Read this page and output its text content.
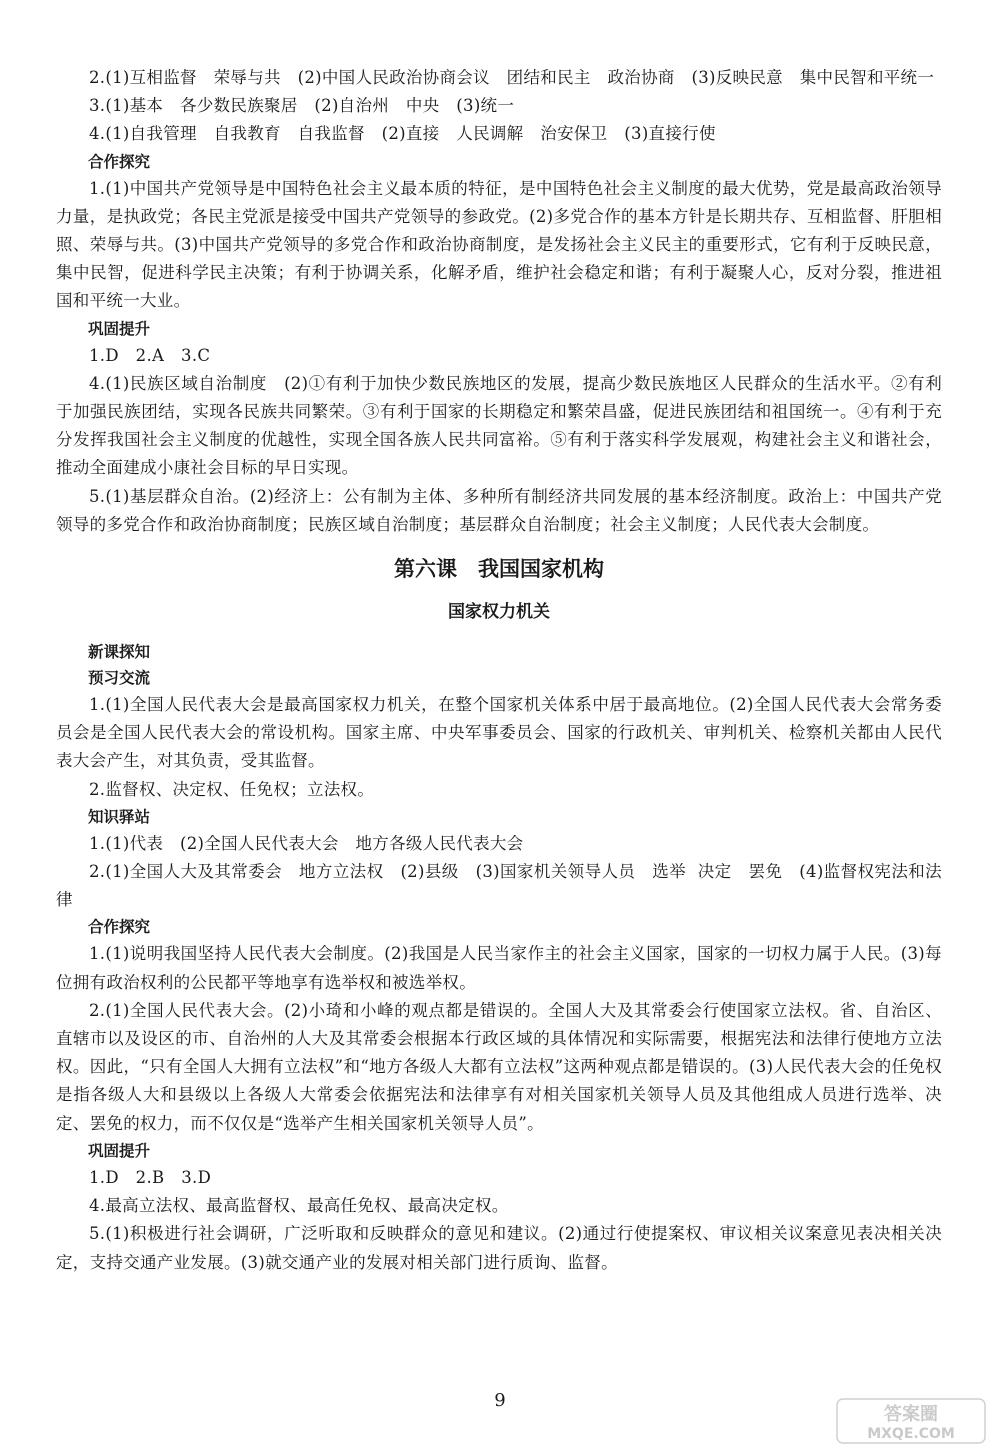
2.(1)互相监督　荣辱与共　(2)中国人民政治协商会议　团结和民主　政治协商　(3)反映民意　集中民智和平统一

3.(1)基本　各少数民族聚居　(2)自治州　中央　(3)统一

4.(1)自我管理　自我教育　自我监督　(2)直接　人民调解　治安保卫　(3)直接行使

合作探究

1.(1)中国共产党领导是中国特色社会主义最本质的特征，是中国特色社会主义制度的最大优势，党是最高政治领导力量，是执政党；各民主党派是接受中国共产党领导的参政党。(2)多党合作的基本方针是长期共存、互相监督、肝胆相照、荣辱与共。(3)中国共产党领导的多党合作和政治协商制度，是发扬社会主义民主的重要形式，它有利于反映民意，集中民智，促进科学民主决策；有利于协调关系，化解矛盾，维护社会稳定和谐；有利于凝聚人心，反对分裂，推进祖国和平统一大业。

巩固提升

1.D　2.A　3.C

4.(1)民族区域自治制度　(2)①有利于加快少数民族地区的发展，提高少数民族地区人民群众的生活水平。②有利于加强民族团结，实现各民族共同繁荣。③有利于国家的长期稳定和繁荣昌盛，促进民族团结和祖国统一。④有利于充分发挥我国社会主义制度的优越性，实现全国各族人民共同富裕。⑤有利于落实科学发展观，构建社会主义和谐社会，推动全面建成小康社会目标的早日实现。

5.(1)基层群众自治。(2)经济上：公有制为主体、多种所有制经济共同发展的基本经济制度。政治上：中国共产党领导的多党合作和政治协商制度；民族区域自治制度；基层群众自治制度；社会主义制度；人民代表大会制度。

第六课　我国国家机构
国家权力机关

新课探知

预习交流

1.(1)全国人民代表大会是最高国家权力机关，在整个国家机关体系中居于最高地位。(2)全国人民代表大会常务委员会是全国人民代表大会的常设机构。国家主席、中央军事委员会、国家的行政机关、审判机关、检察机关都由人民代表大会产生，对其负责，受其监督。

2.监督权、决定权、任免权；立法权。

知识驿站

1.(1)代表　(2)全国人民代表大会　地方各级人民代表大会

2.(1)全国人大及其常委会　地方立法权　(2)县级　(3)国家机关领导人员　选举 决定　罢免　(4)监督权宪法和法律

合作探究

1.(1)说明我国坚持人民代表大会制度。(2)我国是人民当家作主的社会主义国家，国家的一切权力属于人民。(3)每位拥有政治权利的公民都平等地享有选举权和被选举权。

2.(1)全国人民代表大会。(2)小琦和小峰的观点都是错误的。全国人大及其常委会行使国家立法权。省、自治区、直辖市以及设区的市、自治州的人大及其常委会根据本行政区域的具体情况和实际需要，根据宪法和法律行使地方立法权。因此，“只有全国人大拥有立法权”和“地方各级人大都有立法权”这两种观点都是错误的。(3)人民代表大会的任免权是指各级人大和县级以上各级人大常委会依据宪法和法律享有对相关国家机关领导人员及其他组成人员进行选举、决定、罢免的权力，而不仅仅是“选举产生相关国家机关领导人员”。

巩固提升

1.D　2.B　3.D

4.最高立法权、最高监督权、最高任免权、最高决定权。

5.(1)积极进行社会调研，广泛听取和反映群众的意见和建议。(2)通过行使提案权、审议相关议案意见表决相关决定，支持交通产业发展。(3)就交通产业的发展对相关部门进行质询、监督。

9
答案圈
MXQE.COM
